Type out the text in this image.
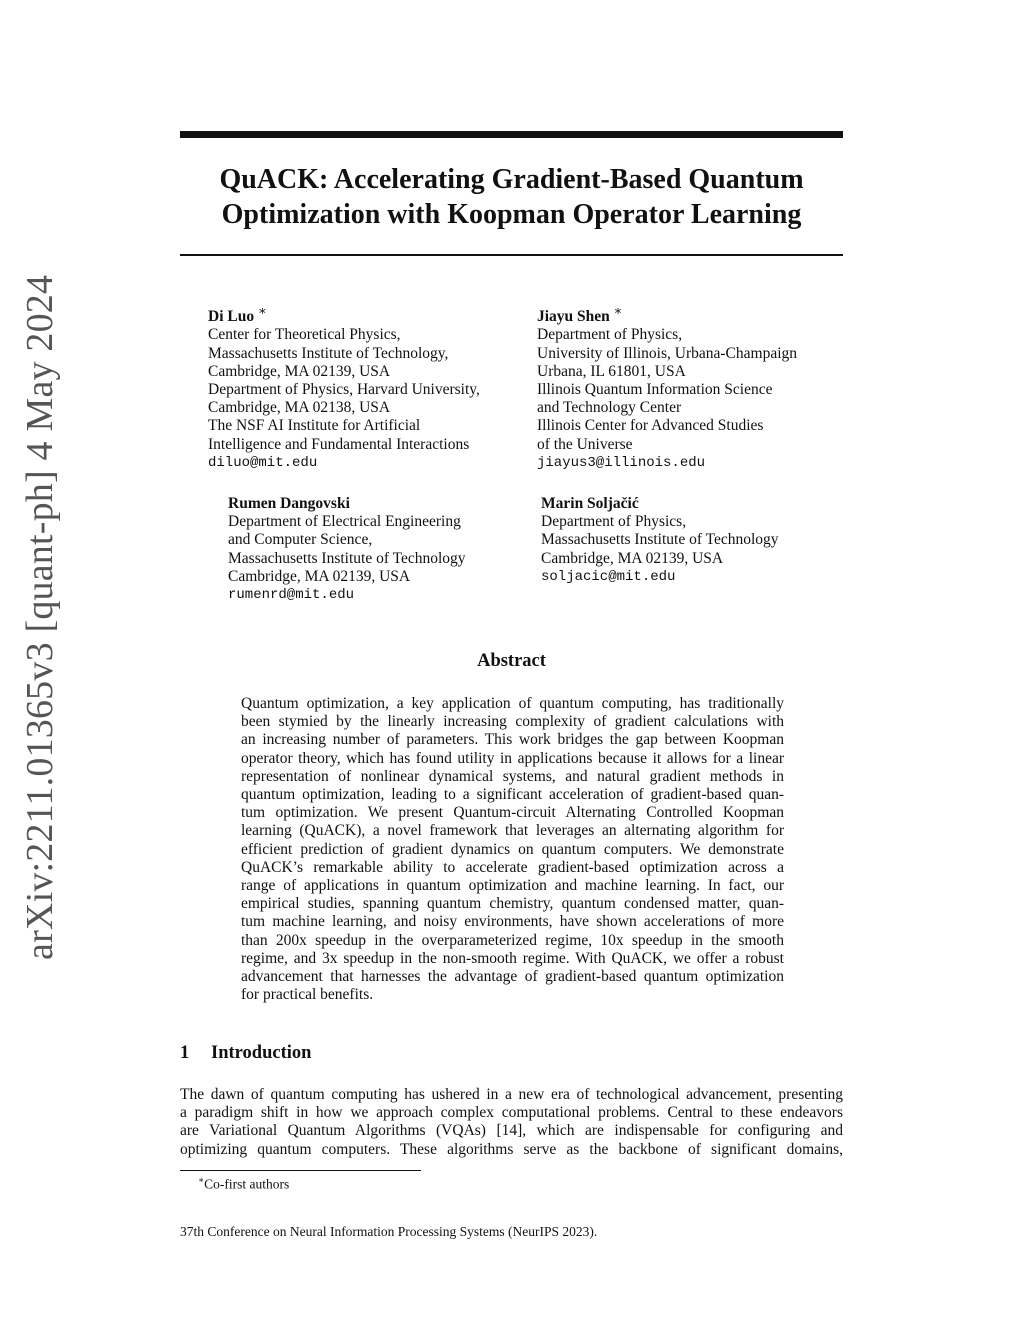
arXiv:2211.01365v3 [quant-ph] 4 May 2024
QuACK: Accelerating Gradient-Based Quantum
Optimization with Koopman Operator Learning
Di Luo ∗
Center for Theoretical Physics,
Massachusetts Institute of Technology,
Cambridge, MA 02139, USA
Department of Physics, Harvard University,
Cambridge, MA 02138, USA
The NSF AI Institute for Artificial
Intelligence and Fundamental Interactions
diluo@mit.edu
Jiayu Shen ∗
Department of Physics,
University of Illinois, Urbana-Champaign
Urbana, IL 61801, USA
Illinois Quantum Information Science
and Technology Center
Illinois Center for Advanced Studies
of the Universe
jiayus3@illinois.edu
Rumen Dangovski
Department of Electrical Engineering
and Computer Science,
Massachusetts Institute of Technology
Cambridge, MA 02139, USA
rumenrd@mit.edu
Marin Soljačić
Department of Physics,
Massachusetts Institute of Technology
Cambridge, MA 02139, USA
soljacic@mit.edu
Abstract
Quantum optimization, a key application of quantum computing, has traditionally
been stymied by the linearly increasing complexity of gradient calculations with
an increasing number of parameters. This work bridges the gap between Koopman
operator theory, which has found utility in applications because it allows for a linear
representation of nonlinear dynamical systems, and natural gradient methods in
quantum optimization, leading to a significant acceleration of gradient-based quan-
tum optimization. We present Quantum-circuit Alternating Controlled Koopman
learning (QuACK), a novel framework that leverages an alternating algorithm for
efficient prediction of gradient dynamics on quantum computers. We demonstrate
QuACK’s remarkable ability to accelerate gradient-based optimization across a
range of applications in quantum optimization and machine learning. In fact, our
empirical studies, spanning quantum chemistry, quantum condensed matter, quan-
tum machine learning, and noisy environments, have shown accelerations of more
than 200x speedup in the overparameterized regime, 10x speedup in the smooth
regime, and 3x speedup in the non-smooth regime. With QuACK, we offer a robust
advancement that harnesses the advantage of gradient-based quantum optimization
for practical benefits.
1 Introduction
The dawn of quantum computing has ushered in a new era of technological advancement, presenting
a paradigm shift in how we approach complex computational problems. Central to these endeavors
are Variational Quantum Algorithms (VQAs) [14], which are indispensable for configuring and
optimizing quantum computers. These algorithms serve as the backbone of significant domains,
∗Co-first authors
37th Conference on Neural Information Processing Systems (NeurIPS 2023).
